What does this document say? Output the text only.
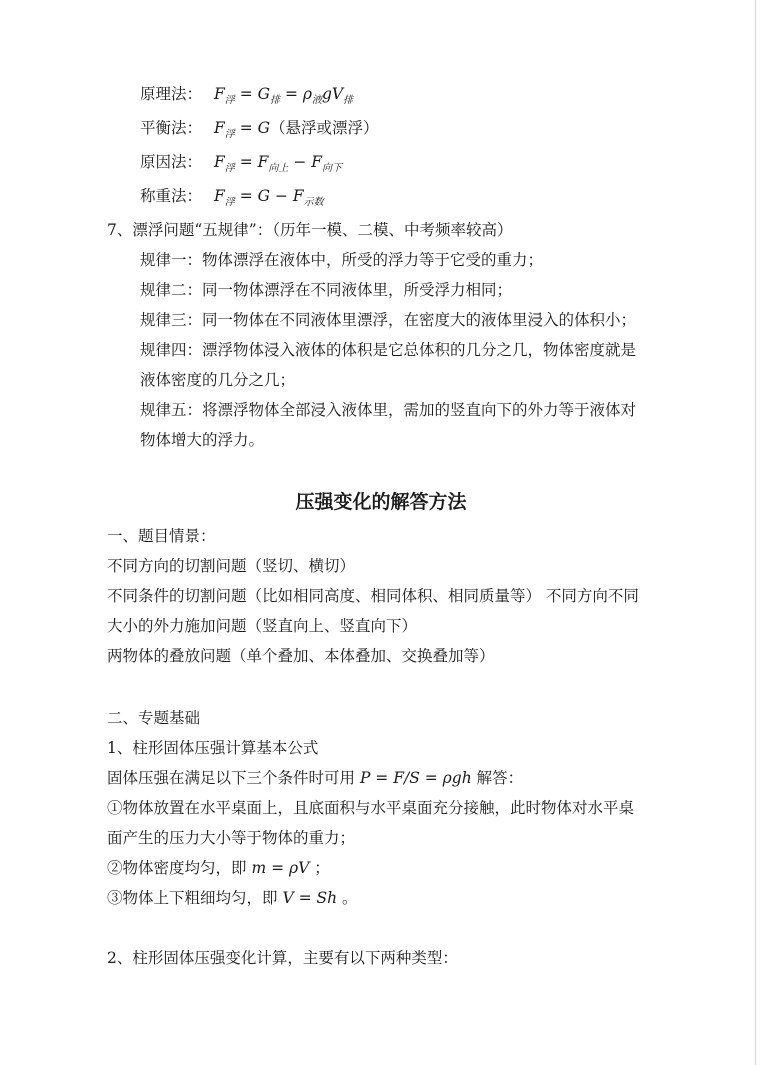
原理法： $F_浮 = G_排 = \rho_液gV_排$
平衡法： $F_浮 = G$（悬浮或漂浮）
原因法： $F_浮 = F_{向上} - F_{向下}$
称重法： $F_浮 = G - F_{示数}$
7、漂浮问题“五规律”：（历年一模、二模、中考频率较高）
规律一：物体漂浮在液体中，所受的浮力等于它受的重力；
规律二：同一物体漂浮在不同液体里，所受浮力相同；
规律三：同一物体在不同液体里漂浮，在密度大的液体里浸入的体积小；
规律四：漂浮物体浸入液体的体积是它总体积的几分之几，物体密度就是
液体密度的几分之几；
规律五：将漂浮物体全部浸入液体里，需加的竖直向下的外力等于液体对
物体增大的浮力。
压强变化的解答方法
一、题目情景：
不同方向的切割问题（竖切、横切）
不同条件的切割问题（比如相同高度、相同体积、相同质量等） 不同方向不同
大小的外力施加问题（竖直向上、竖直向下）
两物体的叠放问题（单个叠加、本体叠加、交换叠加等）
二、专题基础
1、柱形固体压强计算基本公式
固体压强在满足以下三个条件时可用 P = F/S = ρgh 解答：
①物体放置在水平桌面上，且底面积与水平桌面充分接触，此时物体对水平桌
面产生的压力大小等于物体的重力；
②物体密度均匀，即 m = ρV ；
③物体上下粗细均匀，即 V = Sh 。
2、柱形固体压强变化计算，主要有以下两种类型：
